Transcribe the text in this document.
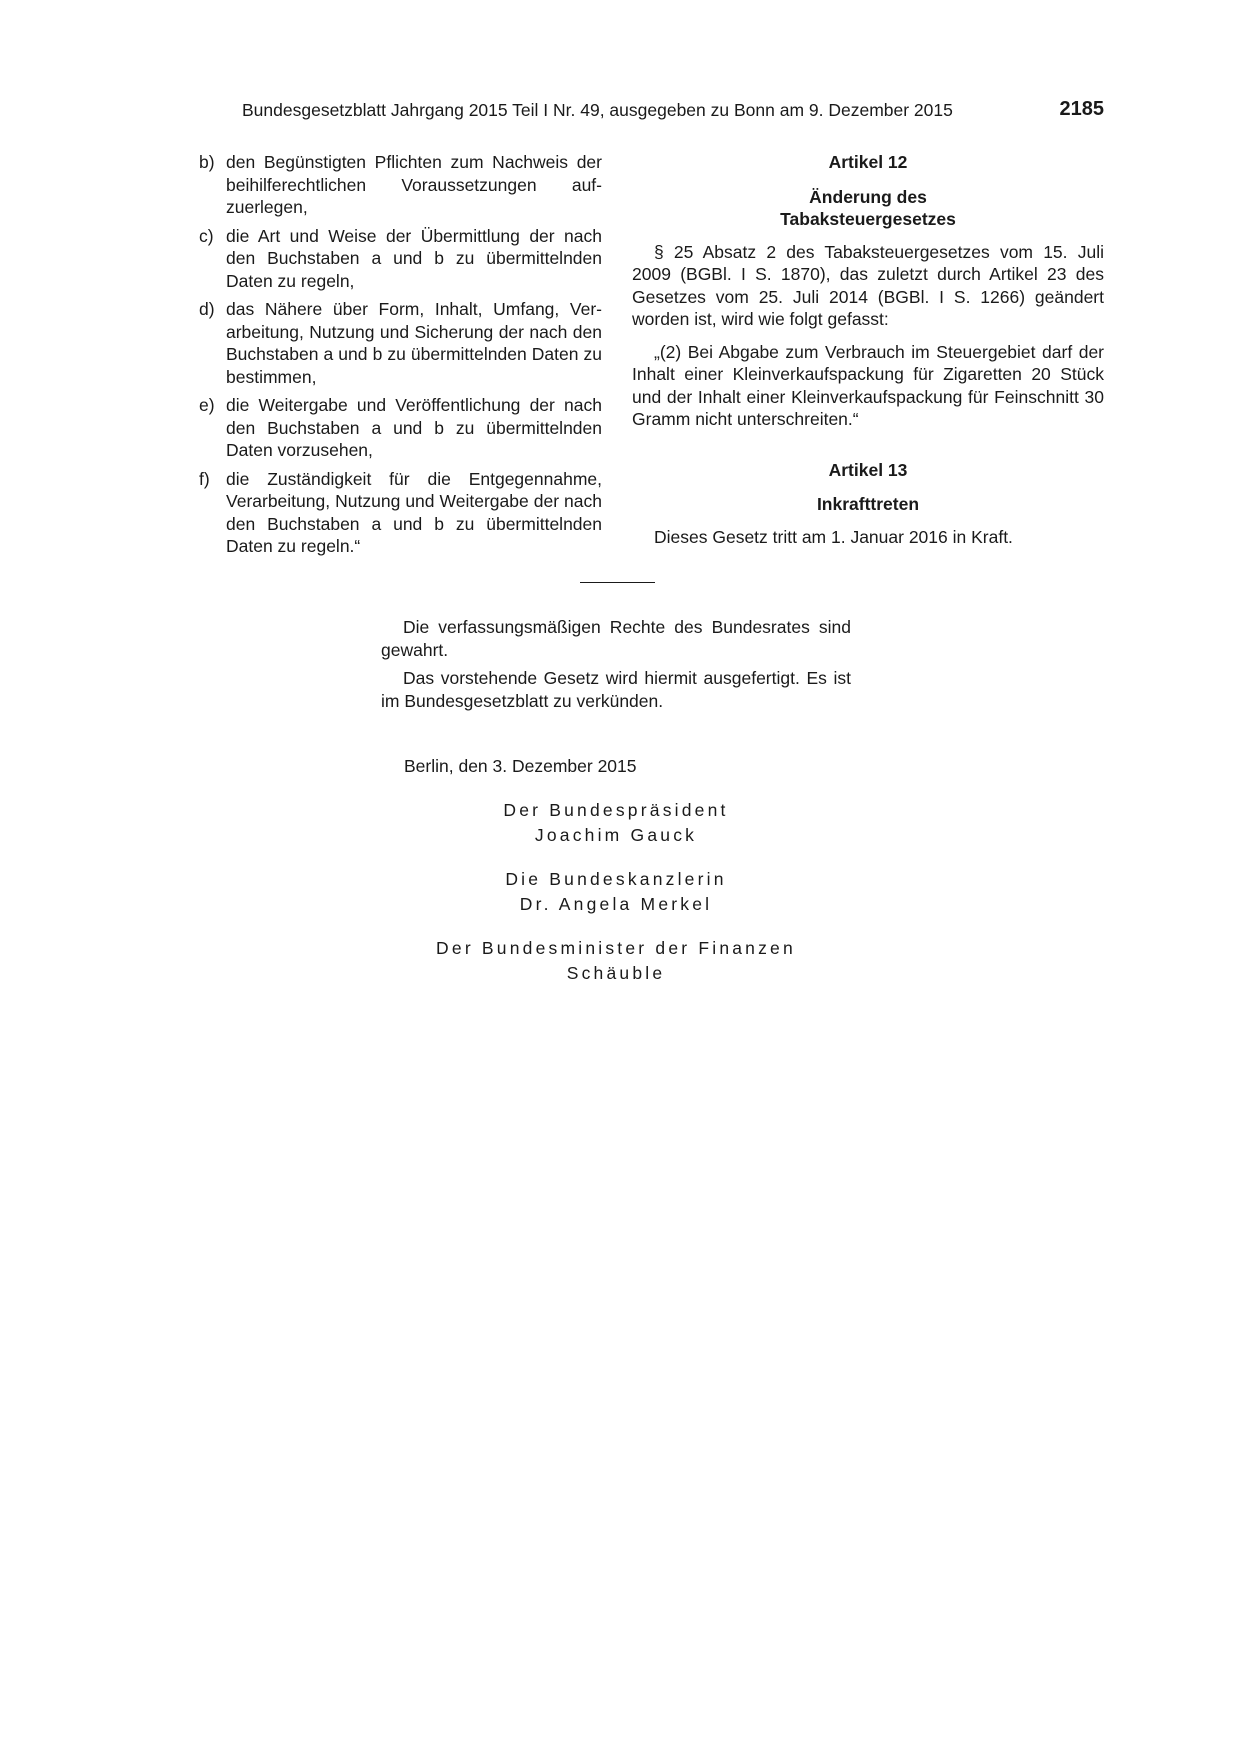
Bundesgesetzblatt Jahrgang 2015 Teil I Nr. 49, ausgegeben zu Bonn am 9. Dezember 2015	2185
b) den Begünstigten Pflichten zum Nachweis der beihilferechtlichen Voraussetzungen aufzuerlegen,
c) die Art und Weise der Übermittlung der nach den Buchstaben a und b zu übermittelnden Daten zu regeln,
d) das Nähere über Form, Inhalt, Umfang, Verarbeitung, Nutzung und Sicherung der nach den Buchstaben a und b zu übermittelnden Daten zu bestimmen,
e) die Weitergabe und Veröffentlichung der nach den Buchstaben a und b zu übermittelnden Daten vorzusehen,
f) die Zuständigkeit für die Entgegennahme, Verarbeitung, Nutzung und Weitergabe der nach den Buchstaben a und b zu übermittelnden Daten zu regeln.“
Artikel 12
Änderung des
Tabaksteuergesetzes

§ 25 Absatz 2 des Tabaksteuergesetzes vom 15. Juli 2009 (BGBl. I S. 1870), das zuletzt durch Artikel 23 des Gesetzes vom 25. Juli 2014 (BGBl. I S. 1266) geändert worden ist, wird wie folgt gefasst:

„(2) Bei Abgabe zum Verbrauch im Steuergebiet darf der Inhalt einer Kleinverkaufspackung für Zigaretten 20 Stück und der Inhalt einer Kleinverkaufspackung für Feinschnitt 30 Gramm nicht unterschreiten.“

Artikel 13
Inkrafttreten

Dieses Gesetz tritt am 1. Januar 2016 in Kraft.

Die verfassungsmäßigen Rechte des Bundesrates sind gewahrt.

Das vorstehende Gesetz wird hiermit ausgefertigt. Es ist im Bundesgesetzblatt zu verkünden.

Berlin, den 3. Dezember 2015
Der Bundespräsident
Joachim Gauck
Die Bundeskanzlerin
Dr. Angela Merkel
Der Bundesminister der Finanzen
Schäuble
